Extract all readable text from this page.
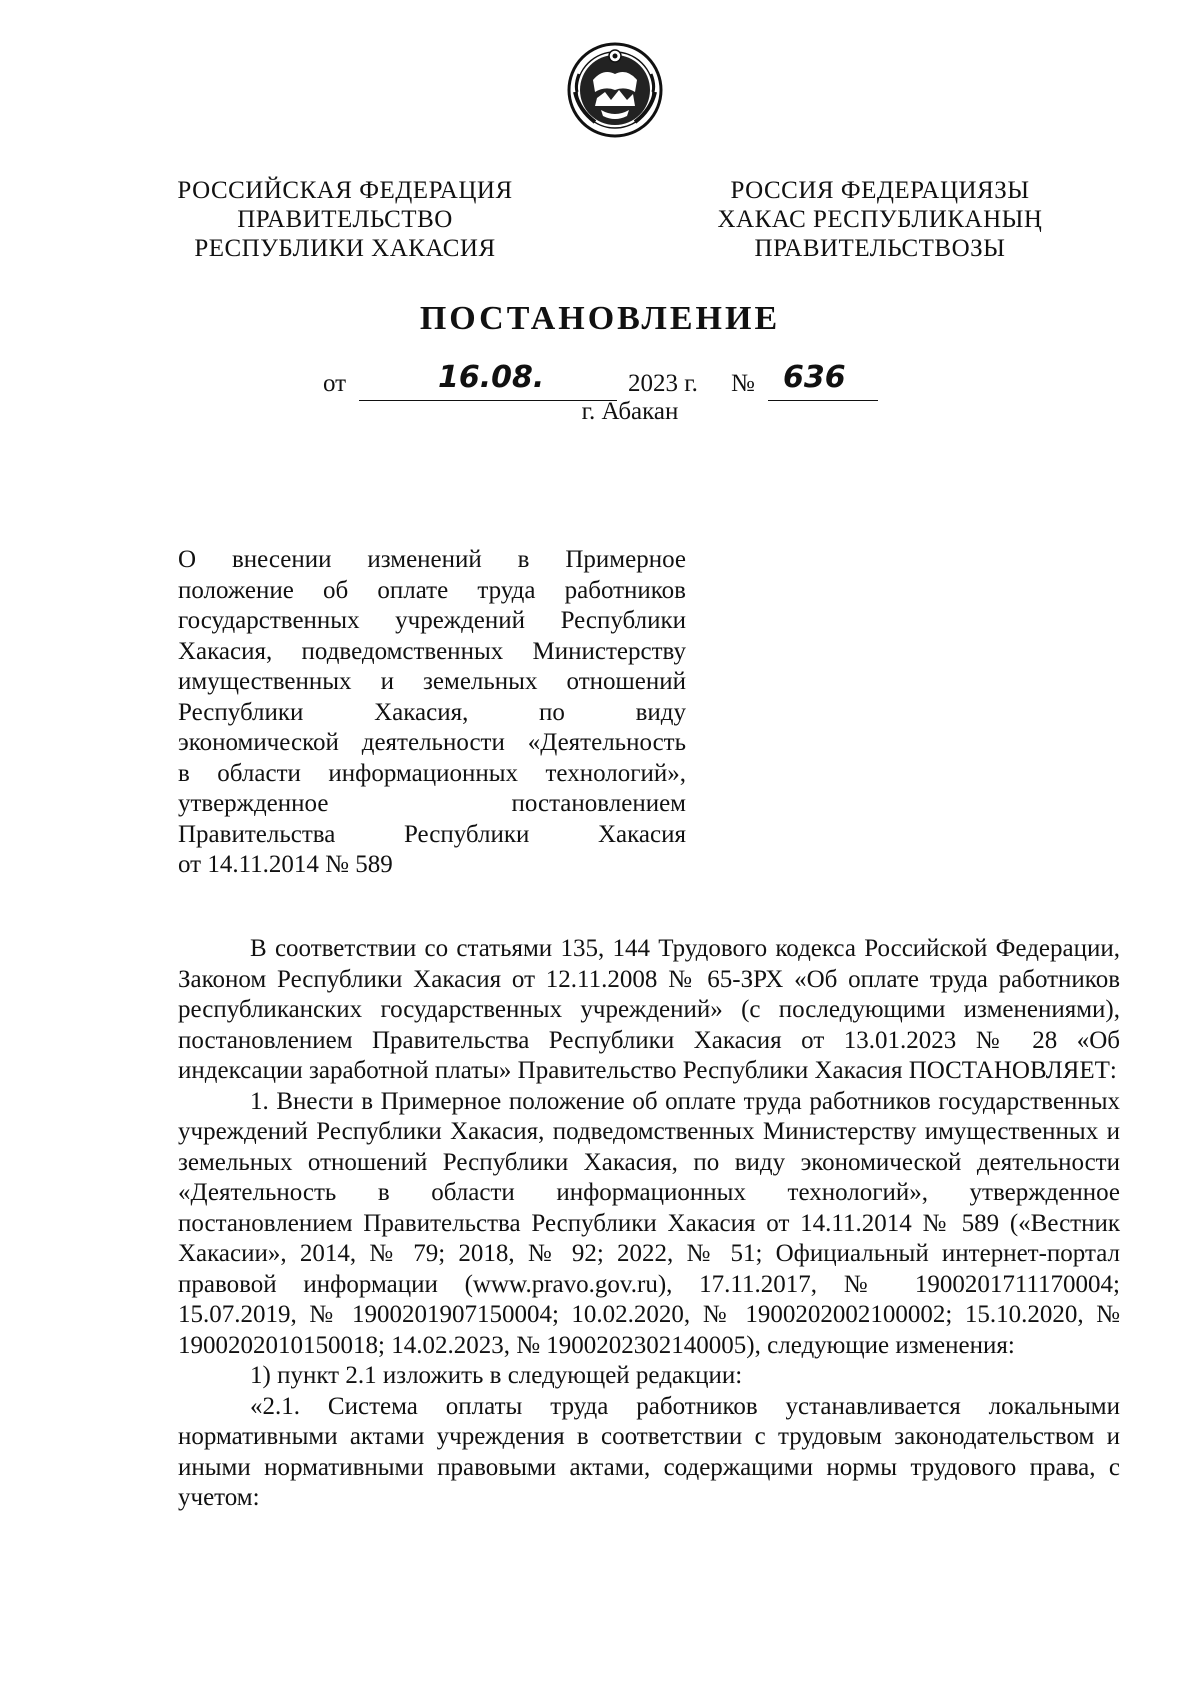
РОССИЙСКАЯ ФЕДЕРАЦИЯ
ПРАВИТЕЛЬСТВО
РЕСПУБЛИКИ ХАКАСИЯ
РОССИЯ ФЕДЕРАЦИЯЗЫ
ХАКАС РЕСПУБЛИКАНЫҢ
ПРАВИТЕЛЬСТВОЗЫ
ПОСТАНОВЛЕНИЕ
от	16.08.	2023 г. № 636
г. Абакан
О внесении изменений в Примерное
положение об оплате труда работников
государственных учреждений Республики
Хакасия, подведомственных Министерству
имущественных и земельных отношений
Республики Хакасия, по виду
экономической деятельности «Деятельность
в области информационных технологий»,
утвержденное постановлением
Правительства Республики Хакасия
от 14.11.2014 № 589

В соответствии со статьями 135, 144 Трудового кодекса Российской Федерации, Законом Республики Хакасия от 12.11.2008 № 65-ЗРХ «Об оплате труда работников республиканских государственных учреждений» (с последующими изменениями), постановлением Правительства Республики Хакасия от 13.01.2023 № 28 «Об индексации заработной платы» Правительство Республики Хакасия ПОСТАНОВЛЯЕТ:

1. Внести в Примерное положение об оплате труда работников государственных учреждений Республики Хакасия, подведомственных Министерству имущественных и земельных отношений Республики Хакасия, по виду экономической деятельности «Деятельность в области информационных технологий», утвержденное постановлением Правительства Республики Хакасия от 14.11.2014 № 589 («Вестник Хакасии», 2014, № 79; 2018, № 92; 2022, № 51; Официальный интернет-портал правовой информации (www.pravo.gov.ru), 17.11.2017, № 1900201711170004; 15.07.2019, № 1900201907150004; 10.02.2020, № 1900202002100002; 15.10.2020, № 1900202010150018; 14.02.2023, № 1900202302140005), следующие изменения:

1) пункт 2.1 изложить в следующей редакции:

«2.1. Система оплаты труда работников устанавливается локальными нормативными актами учреждения в соответствии с трудовым законодательством и иными нормативными правовыми актами, содержащими нормы трудового права, с учетом:
